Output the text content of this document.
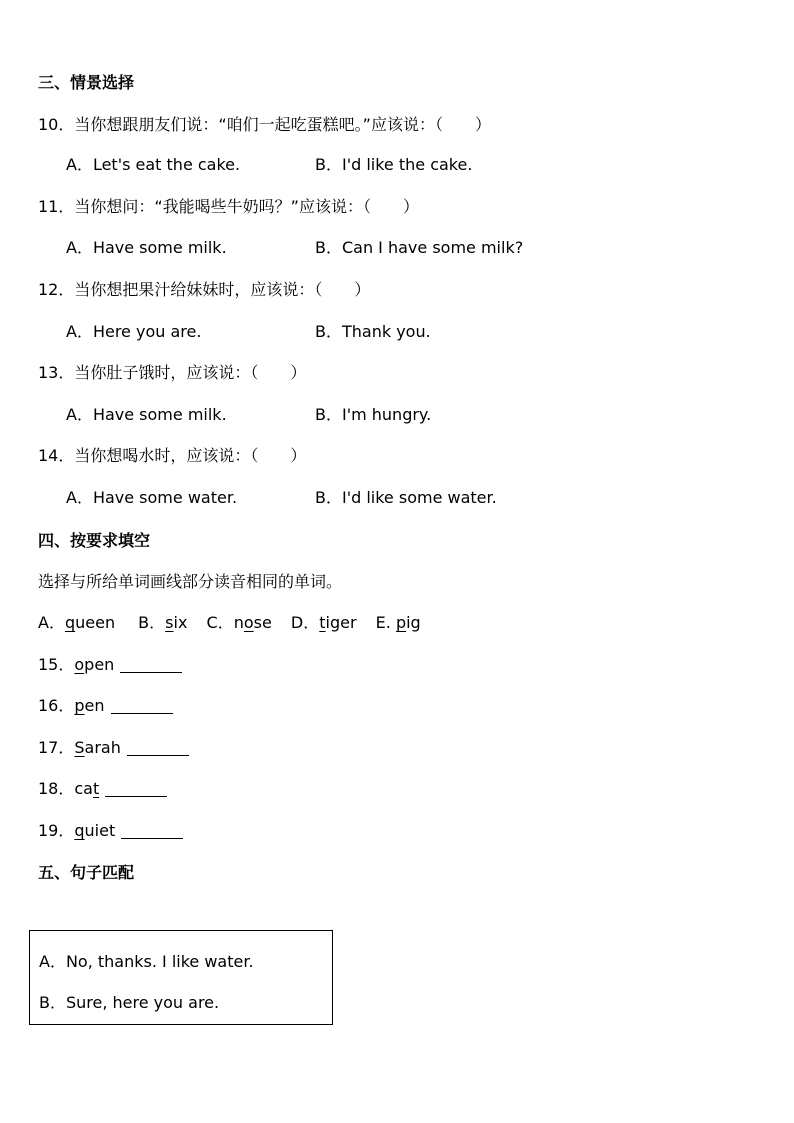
三、情景选择
10．当你想跟朋友们说：“咱们一起吃蛋糕吧。”应该说：（　　）
A．Let's eat the cake.	B．I'd like the cake.
11．当你想问：“我能喝些牛奶吗？”应该说：（　　）
A．Have some milk.	B．Can I have some milk?
12．当你想把果汁给妹妹时，应该说：（　　）
A．Here you are.	B．Thank you.
13．当你肚子饿时，应该说：（　　）
A．Have some milk.	B．I'm hungry.
14．当你想喝水时，应该说：（　　）
A．Have some water.	B．I'd like some water.
四、按要求填空
选择与所给单词画线部分读音相同的单词。
A．queen B．six C．nose D．tiger E. pig
15．open
16．pen
17．Sarah
18．cat
19．quiet
五、句子匹配
A．No, thanks. I like water.
B．Sure, here you are.
